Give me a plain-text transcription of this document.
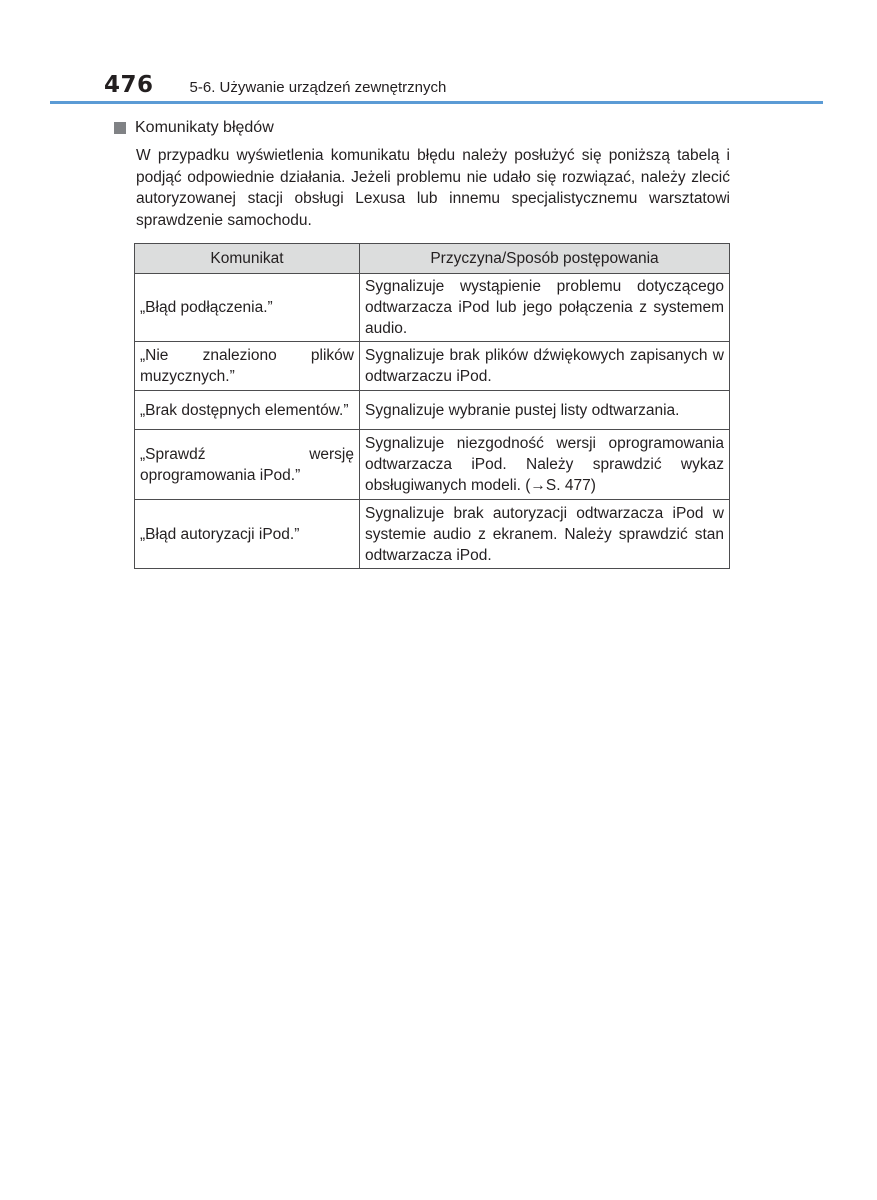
476 5-6. Używanie urządzeń zewnętrznych
Komunikaty błędów

W przypadku wyświetlenia komunikatu błędu należy posłużyć się poniższą tabelą i podjąć odpowiednie działania. Jeżeli problemu nie udało się rozwiązać, należy zlecić autoryzowanej stacji obsługi Lexusa lub innemu specjalistycznemu warsztatowi sprawdzenie samochodu.

Komunikat	Przyczyna/Sposób postępowania
„Błąd podłączenia.”	Sygnalizuje wystąpienie problemu dotyczącego odtwarzacza iPod lub jego połączenia z systemem audio.
„Nie znaleziono plików muzycznych.”	Sygnalizuje brak plików dźwiękowych zapisanych w odtwarzaczu iPod.
„Brak dostępnych elementów.”	Sygnalizuje wybranie pustej listy odtwarzania.
„Sprawdź wersję oprogramowania iPod.”	Sygnalizuje niezgodność wersji oprogramowania odtwarzacza iPod. Należy sprawdzić wykaz obsługiwanych modeli. (→S. 477)
„Błąd autoryzacji iPod.”	Sygnalizuje brak autoryzacji odtwarzacza iPod w systemie audio z ekranem. Należy sprawdzić stan odtwarzacza iPod.
